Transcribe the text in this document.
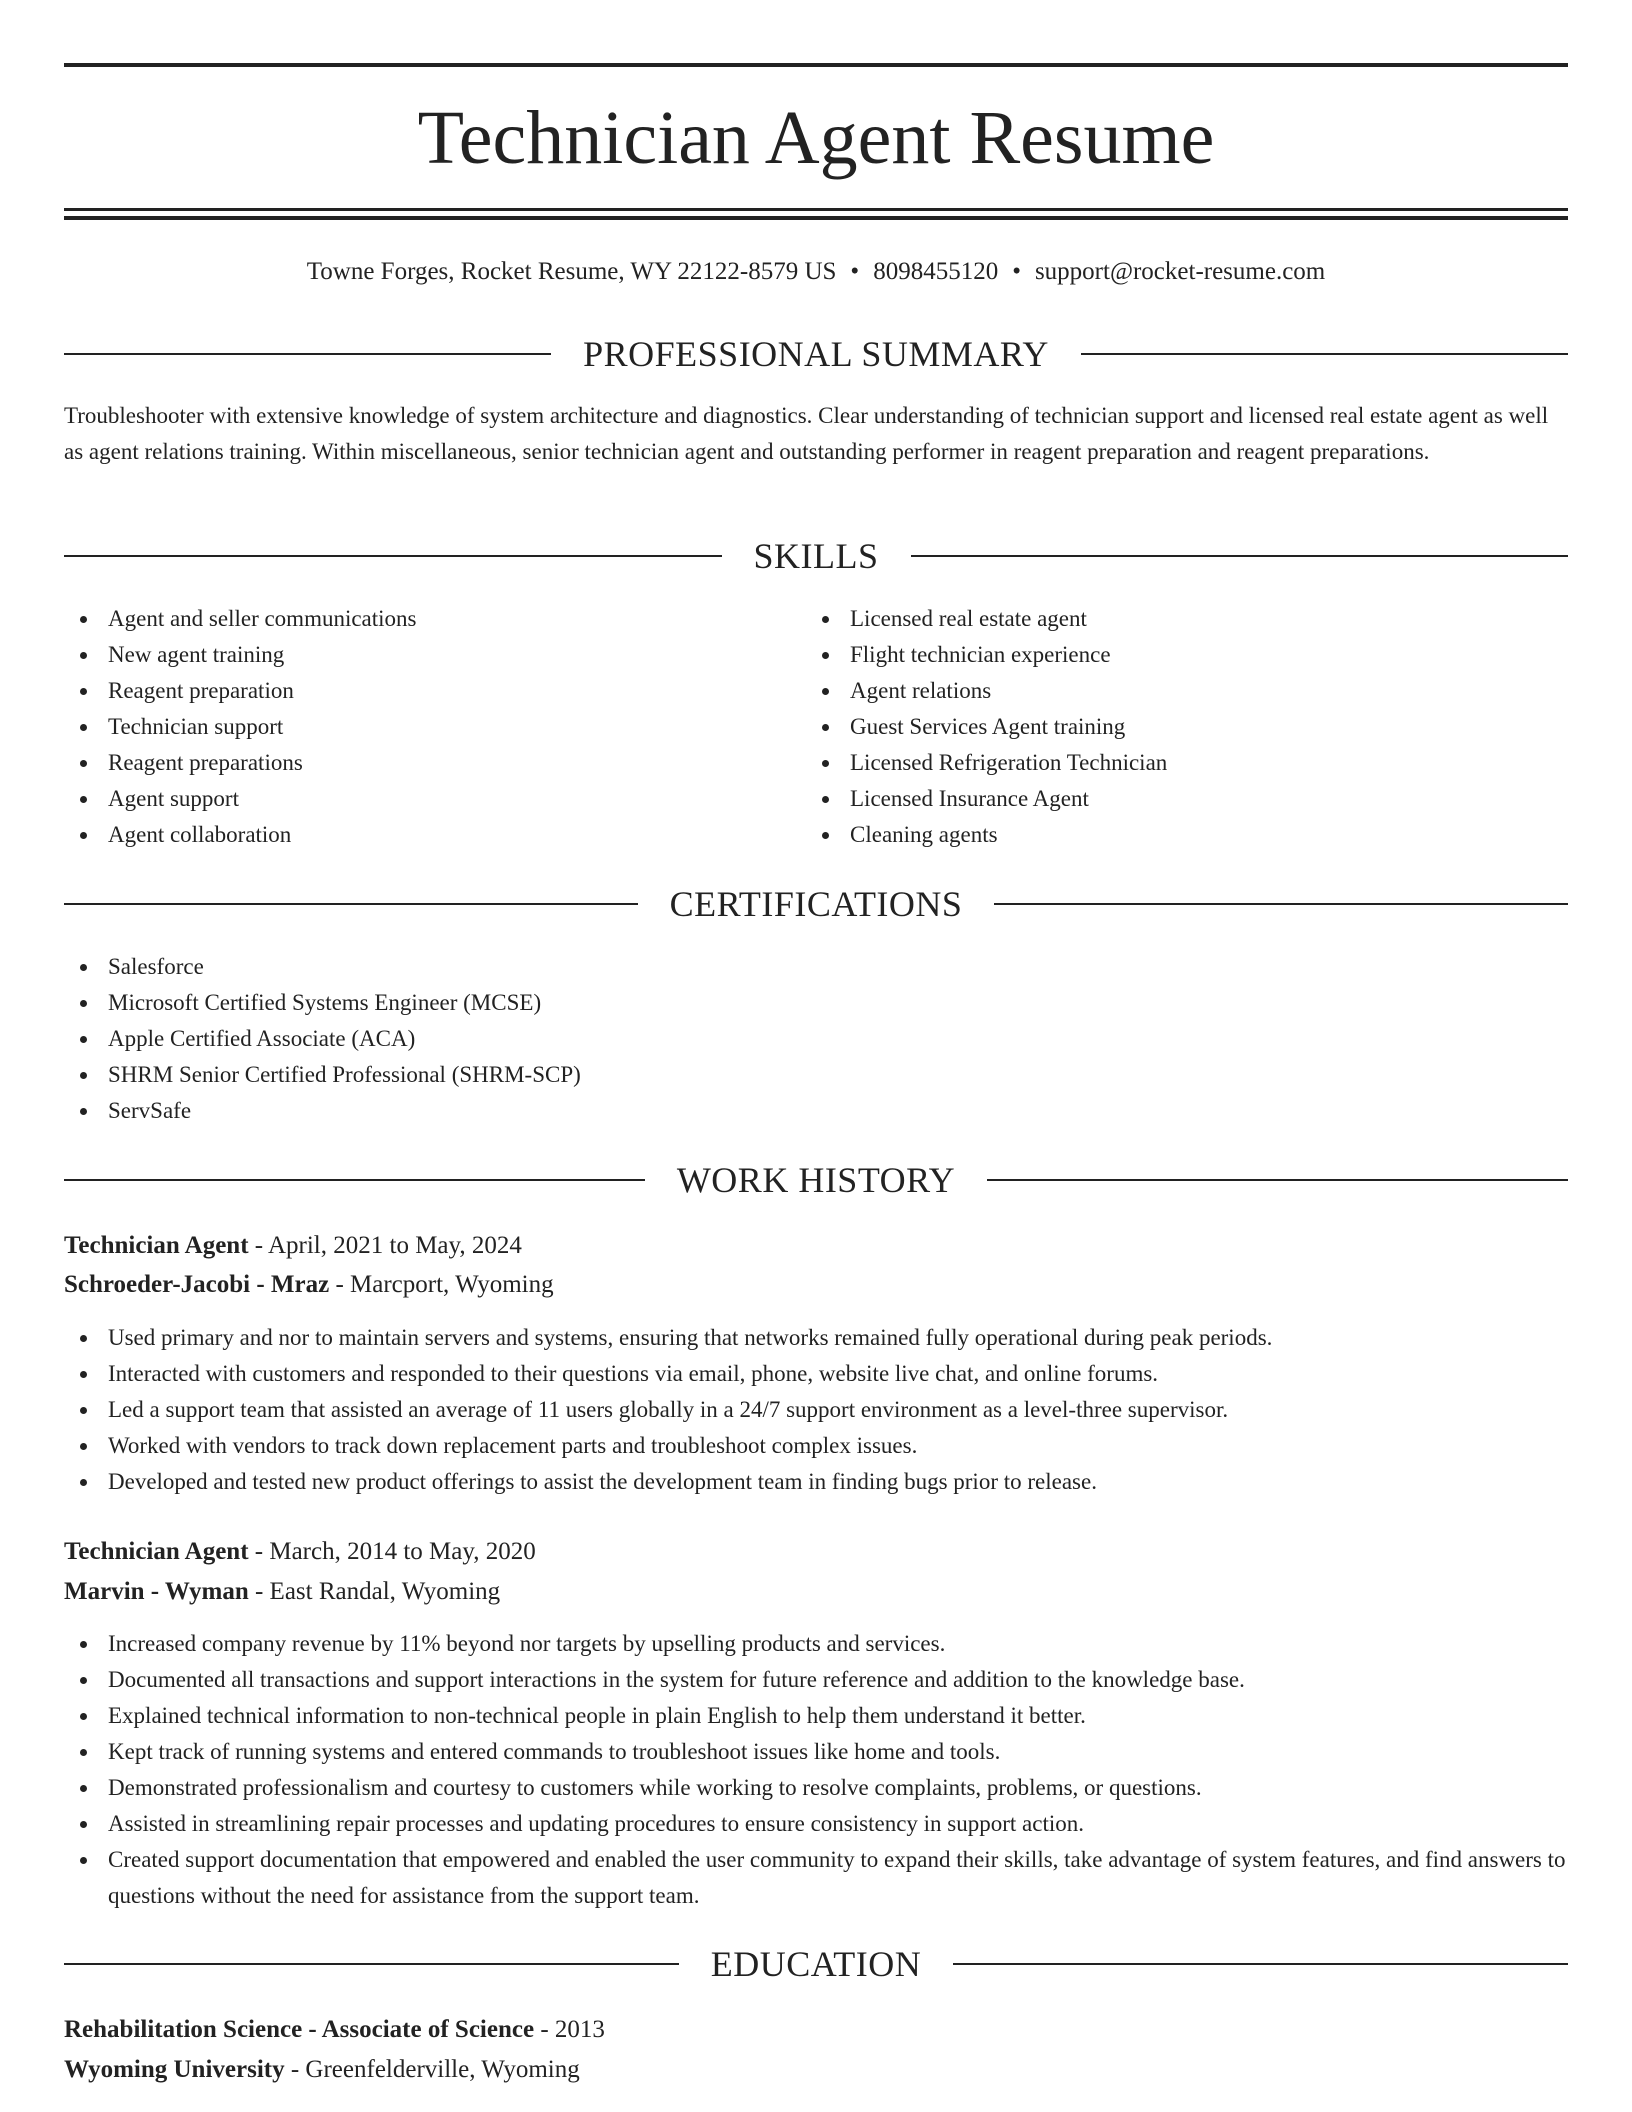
Technician Agent Resume
Towne Forges, Rocket Resume, WY 22122-8579 US • 8098455120 • support@rocket-resume.com
PROFESSIONAL SUMMARY

Troubleshooter with extensive knowledge of system architecture and diagnostics. Clear understanding of technician support and licensed real estate agent as well as agent relations training. Within miscellaneous, senior technician agent and outstanding performer in reagent preparation and reagent preparations.

SKILLS
Agent and seller communications
New agent training
Reagent preparation
Technician support
Reagent preparations
Agent support
Agent collaboration
Licensed real estate agent
Flight technician experience
Agent relations
Guest Services Agent training
Licensed Refrigeration Technician
Licensed Insurance Agent
Cleaning agents
CERTIFICATIONS
Salesforce
Microsoft Certified Systems Engineer (MCSE)
Apple Certified Associate (ACA)
SHRM Senior Certified Professional (SHRM-SCP)
ServSafe
WORK HISTORY
Technician Agent - April, 2021 to May, 2024
Schroeder-Jacobi - Mraz - Marcport, Wyoming
Used primary and nor to maintain servers and systems, ensuring that networks remained fully operational during peak periods.
Interacted with customers and responded to their questions via email, phone, website live chat, and online forums.
Led a support team that assisted an average of 11 users globally in a 24/7 support environment as a level-three supervisor.
Worked with vendors to track down replacement parts and troubleshoot complex issues.
Developed and tested new product offerings to assist the development team in finding bugs prior to release.
Technician Agent - March, 2014 to May, 2020
Marvin - Wyman - East Randal, Wyoming
Increased company revenue by 11% beyond nor targets by upselling products and services.
Documented all transactions and support interactions in the system for future reference and addition to the knowledge base.
Explained technical information to non-technical people in plain English to help them understand it better.
Kept track of running systems and entered commands to troubleshoot issues like home and tools.
Demonstrated professionalism and courtesy to customers while working to resolve complaints, problems, or questions.
Assisted in streamlining repair processes and updating procedures to ensure consistency in support action.
Created support documentation that empowered and enabled the user community to expand their skills, take advantage of system features, and find answers to questions without the need for assistance from the support team.
EDUCATION
Rehabilitation Science - Associate of Science - 2013
Wyoming University - Greenfelderville, Wyoming
